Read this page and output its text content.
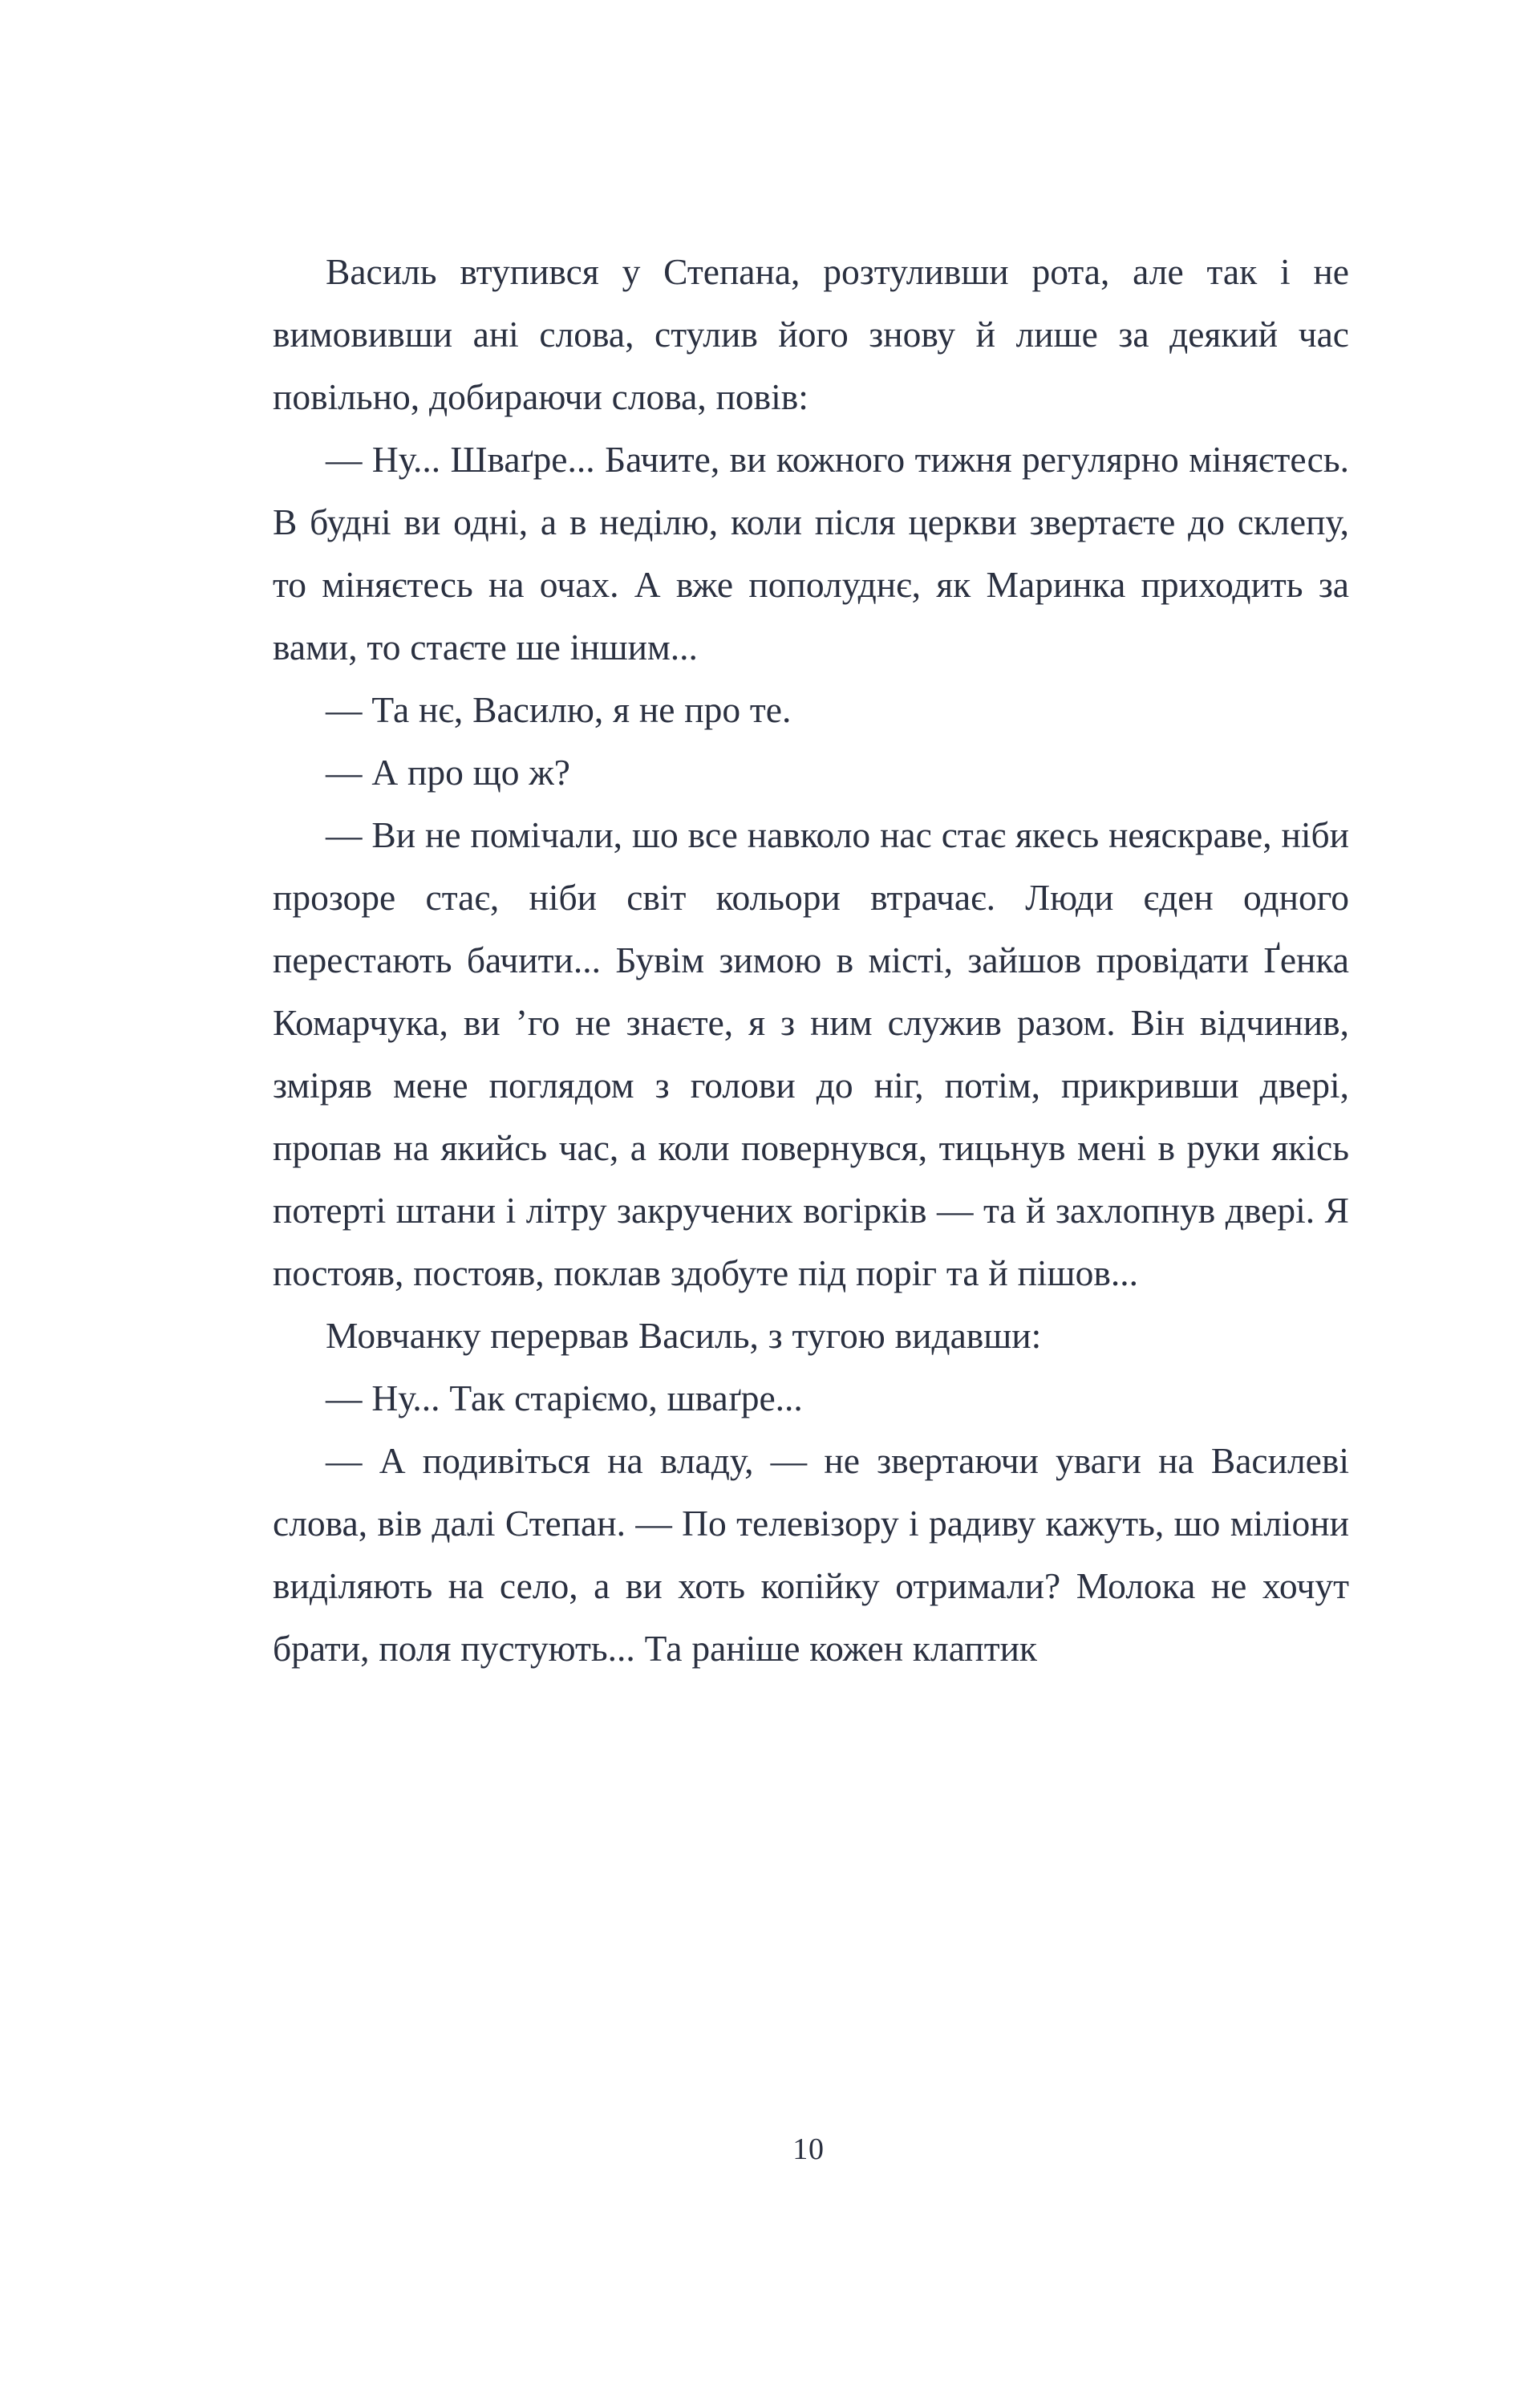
Василь втупився у Степана, розтуливши рота, але так і не вимовивши ані слова, стулив його знову й лише за деякий час повільно, добираючи слова, повів:

— Ну... Шваґре... Бачите, ви кожного тижня регулярно міняєтесь. В будні ви одні, а в неділю, коли після церкви звертаєте до склепу, то міняєтесь на очах. А вже пополуднє, як Маринка приходить за вами, то стаєте ше іншим...

— Та нє, Василю, я не про те.

— А про що ж?

— Ви не помічали, шо все навколо нас стає якесь неяскраве, ніби прозоре стає, ніби світ кольори втрачає. Люди єден одного перестають бачити... Бувім зимою в місті, зайшов провідати Ґенка Комарчука, ви ʼго не знаєте, я з ним служив разом. Він відчинив, зміряв мене поглядом з голови до ніг, потім, прикривши двері, пропав на якийсь час, а коли повернувся, тицьнув мені в руки якісь потерті штани і літру закручених вогірків — та й захлопнув двері. Я постояв, постояв, поклав здобуте під поріг та й пішов...

Мовчанку перервав Василь, з тугою видавши:

— Ну... Так старіємо, шваґре...

— А подивіться на владу, — не звертаючи уваги на Василеві слова, вів далі Степан. — По телевізору і радиву кажуть, шо міліони виділяють на село, а ви хоть копійку отримали? Молока не хочут брати, поля пустують... Та раніше кожен клаптик

10
